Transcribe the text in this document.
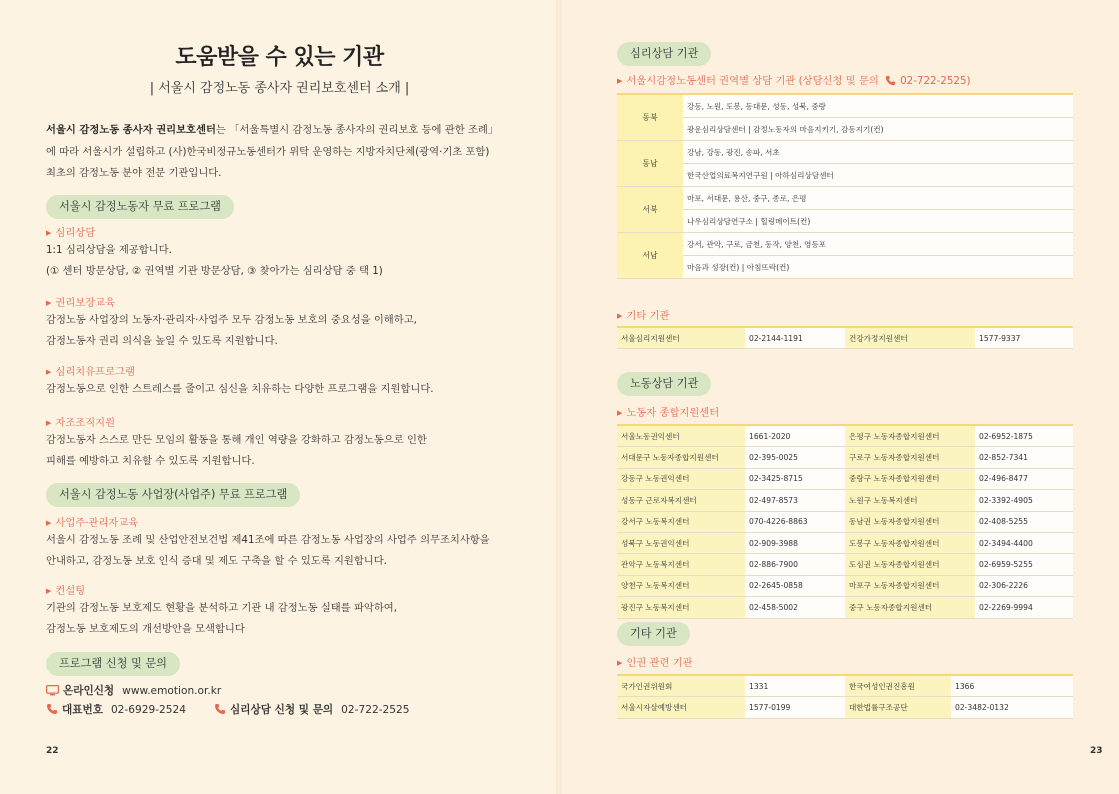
도움받을 수 있는 기관
| 서울시 감정노동 종사자 권리보호센터 소개 |
서울시 감정노동 종사자 권리보호센터는 「서울특별시 감정노동 종사자의 권리보호 등에 관한 조례」
에 따라 서울시가 설립하고 (사)한국비정규노동센터가 위탁 운영하는 지방자치단체(광역·기초 포함)
최초의 감정노동 분야 전문 기관입니다.
서울시 감정노동자 무료 프로그램
▶ 심리상담
1:1 심리상담을 제공합니다.
(① 센터 방문상담, ② 권역별 기관 방문상담, ③ 찾아가는 심리상담 중 택 1)
▶ 권리보장교육
감정노동 사업장의 노동자·관리자·사업주 모두 감정노동 보호의 중요성을 이해하고,
감정노동자 권리 의식을 높일 수 있도록 지원합니다.
▶ 심리치유프로그램
감정노동으로 인한 스트레스를 줄이고 심신을 치유하는 다양한 프로그램을 지원합니다.
▶ 자조조직지원
감정노동자 스스로 만든 모임의 활동을 통해 개인 역량을 강화하고 감정노동으로 인한
피해를 예방하고 치유할 수 있도록 지원합니다.
서울시 감정노동 사업장(사업주) 무료 프로그램
▶ 사업주·관리자교육
서울시 감정노동 조례 및 산업안전보건법 제41조에 따른 감정노동 사업장의 사업주 의무조치사항을
안내하고, 감정노동 보호 인식 증대 및 제도 구축을 할 수 있도록 지원합니다.
▶ 컨설팅
기관의 감정노동 보호제도 현황을 분석하고 기관 내 감정노동 실태를 파악하여,
감정노동 보호제도의 개선방안을 모색합니다
프로그램 신청 및 문의
온라인신청 www.emotion.or.kr
대표번호 02-6929-2524	심리상담 신청 및 문의 02-722-2525
22
심리상담 기관
▶ 서울시감정노동센터 권역별 상담 기관 (상담신청 및 문의 02-722-2525)
동북	강동, 노원, 도봉, 동대문, 성동, 성북, 중랑
	광운심리상담센터 | 감정노동자의 마음지키기, 감동지기(컨)
동남	강남, 강동, 광진, 송파, 서초
	한국산업의료복지연구원 | 아하심리상담센터
서북	마포, 서대문, 용산, 중구, 종로, 은평
	나우심리상담연구소 | 힐링메이트(컨)
서남	강서, 관악, 구로, 금천, 동작, 양천, 영등포
	마음과 성장(컨) | 아침뜨락(컨)
▶ 기타 기관
서울심리지원센터	02-2144-1191	건강가정지원센터	1577-9337
노동상담 기관
▶ 노동자 종합지원센터
서울노동권익센터	1661-2020	은평구 노동자종합지원센터	02-6952-1875
서대문구 노동자종합지원센터	02-395-0025	구로구 노동자종합지원센터	02-852-7341
강동구 노동권익센터	02-3425-8715	중랑구 노동자종합지원센터	02-496-8477
성동구 근로자복지센터	02-497-8573	노원구 노동복지센터	02-3392-4905
강서구 노동복지센터	070-4226-8863	동남권 노동자종합지원센터	02-408-5255
성북구 노동권익센터	02-909-3988	도봉구 노동자종합지원센터	02-3494-4400
관악구 노동복지센터	02-886-7900	도심권 노동자종합지원센터	02-6959-5255
양천구 노동복지센터	02-2645-0858	마포구 노동자종합지원센터	02-306-2226
광진구 노동복지센터	02-458-5002	중구 노동자종합지원센터	02-2269-9994
기타 기관
▶ 인권 관련 기관
국가인권위원회	1331	한국여성인권진흥원	1366
서울시자살예방센터	1577-0199	대한법률구조공단	02-3482-0132
23
